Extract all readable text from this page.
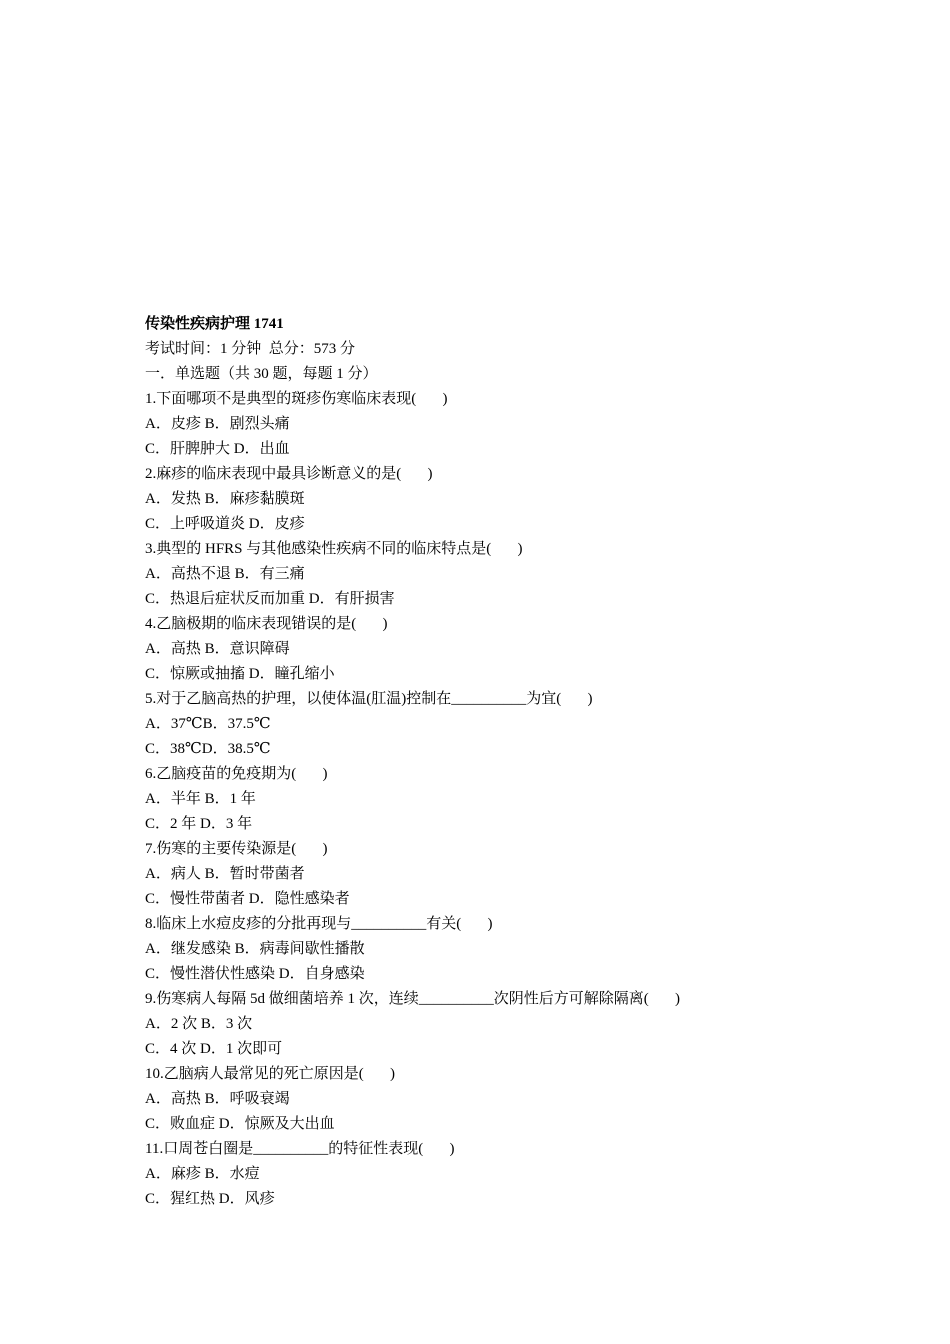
传染性疾病护理 1741
考试时间：1 分钟  总分：573 分
一．单选题（共 30 题，每题 1 分）
1.下面哪项不是典型的斑疹伤寒临床表现(       )
A．皮疹 B．剧烈头痛
C．肝脾肿大 D．出血
2.麻疹的临床表现中最具诊断意义的是(       )
A．发热 B．麻疹黏膜斑
C．上呼吸道炎 D．皮疹
3.典型的 HFRS 与其他感染性疾病不同的临床特点是(       )
A．高热不退 B．有三痛
C．热退后症状反而加重 D．有肝损害
4.乙脑极期的临床表现错误的是(       )
A．高热 B．意识障碍
C．惊厥或抽搐 D．瞳孔缩小
5.对于乙脑高热的护理，以使体温(肛温)控制在__________为宜(       )
A．37℃B．37.5℃
C．38℃D．38.5℃
6.乙脑疫苗的免疫期为(       )
A．半年 B．1 年
C．2 年 D．3 年
7.伤寒的主要传染源是(       )
A．病人 B．暂时带菌者
C．慢性带菌者 D．隐性感染者
8.临床上水痘皮疹的分批再现与__________有关(       )
A．继发感染 B．病毒间歇性播散
C．慢性潜伏性感染 D．自身感染
9.伤寒病人每隔 5d 做细菌培养 1 次，连续__________次阴性后方可解除隔离(       )
A．2 次 B．3 次
C．4 次 D．1 次即可
10.乙脑病人最常见的死亡原因是(       )
A．高热 B．呼吸衰竭
C．败血症 D．惊厥及大出血
11.口周苍白圈是__________的特征性表现(       )
A．麻疹 B．水痘
C．猩红热 D．风疹
